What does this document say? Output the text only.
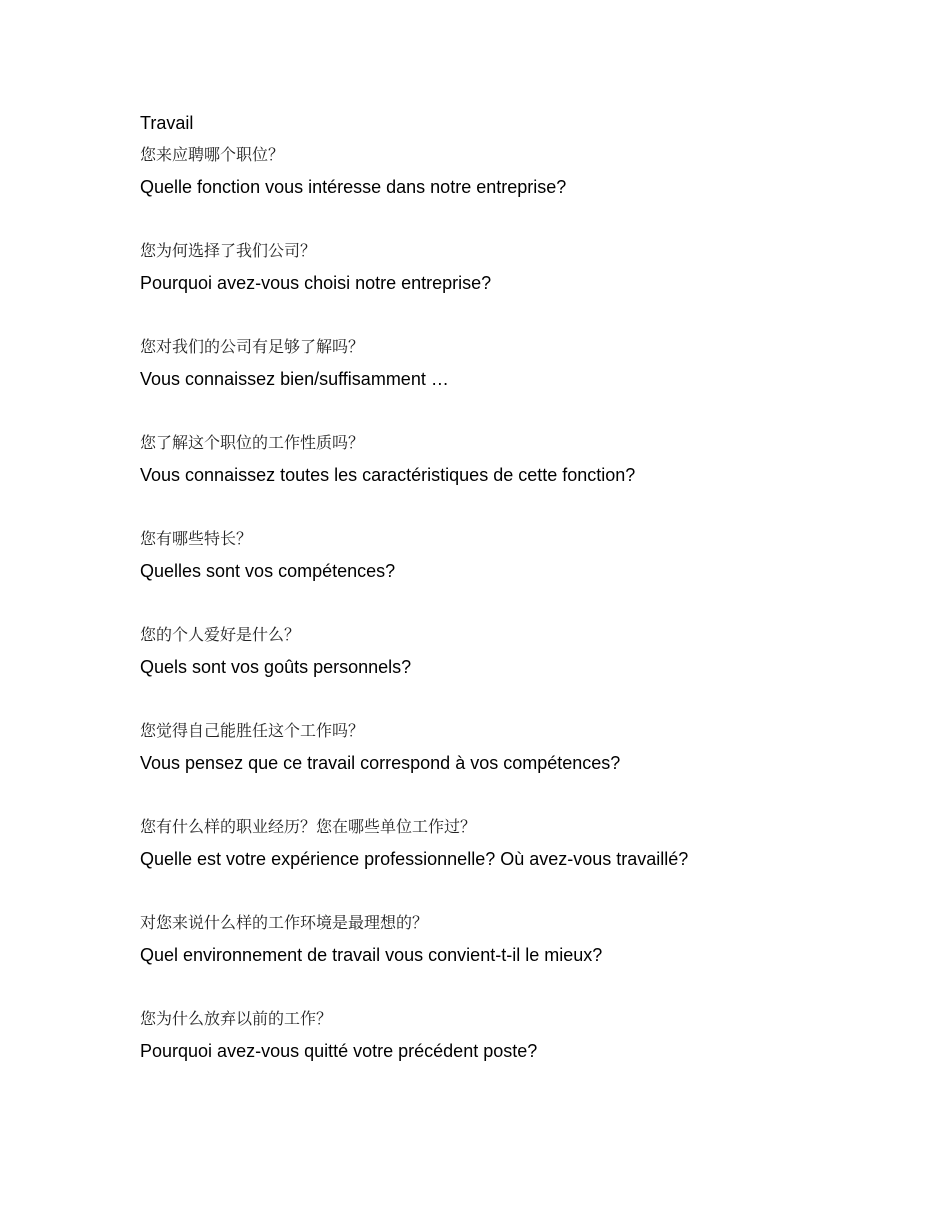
Travail
您来应聘哪个职位？
Quelle fonction vous intéresse dans notre entreprise?
您为何选择了我们公司？
Pourquoi avez-vous choisi notre entreprise?
您对我们的公司有足够了解吗？
Vous connaissez bien/suffisamment …
您了解这个职位的工作性质吗？
Vous connaissez toutes les caractéristiques de cette fonction?
您有哪些特长？
Quelles sont vos compétences?
您的个人爱好是什么？
Quels sont vos goûts personnels?
您觉得自己能胜任这个工作吗？
Vous pensez que ce travail correspond à vos compétences?
您有什么样的职业经历？您在哪些单位工作过？
Quelle est votre expérience professionnelle? Où avez-vous travaillé?
对您来说什么样的工作环境是最理想的？
Quel environnement de travail vous convient-t-il le mieux?
您为什么放弃以前的工作？
Pourquoi avez-vous quitté votre précédent poste?
